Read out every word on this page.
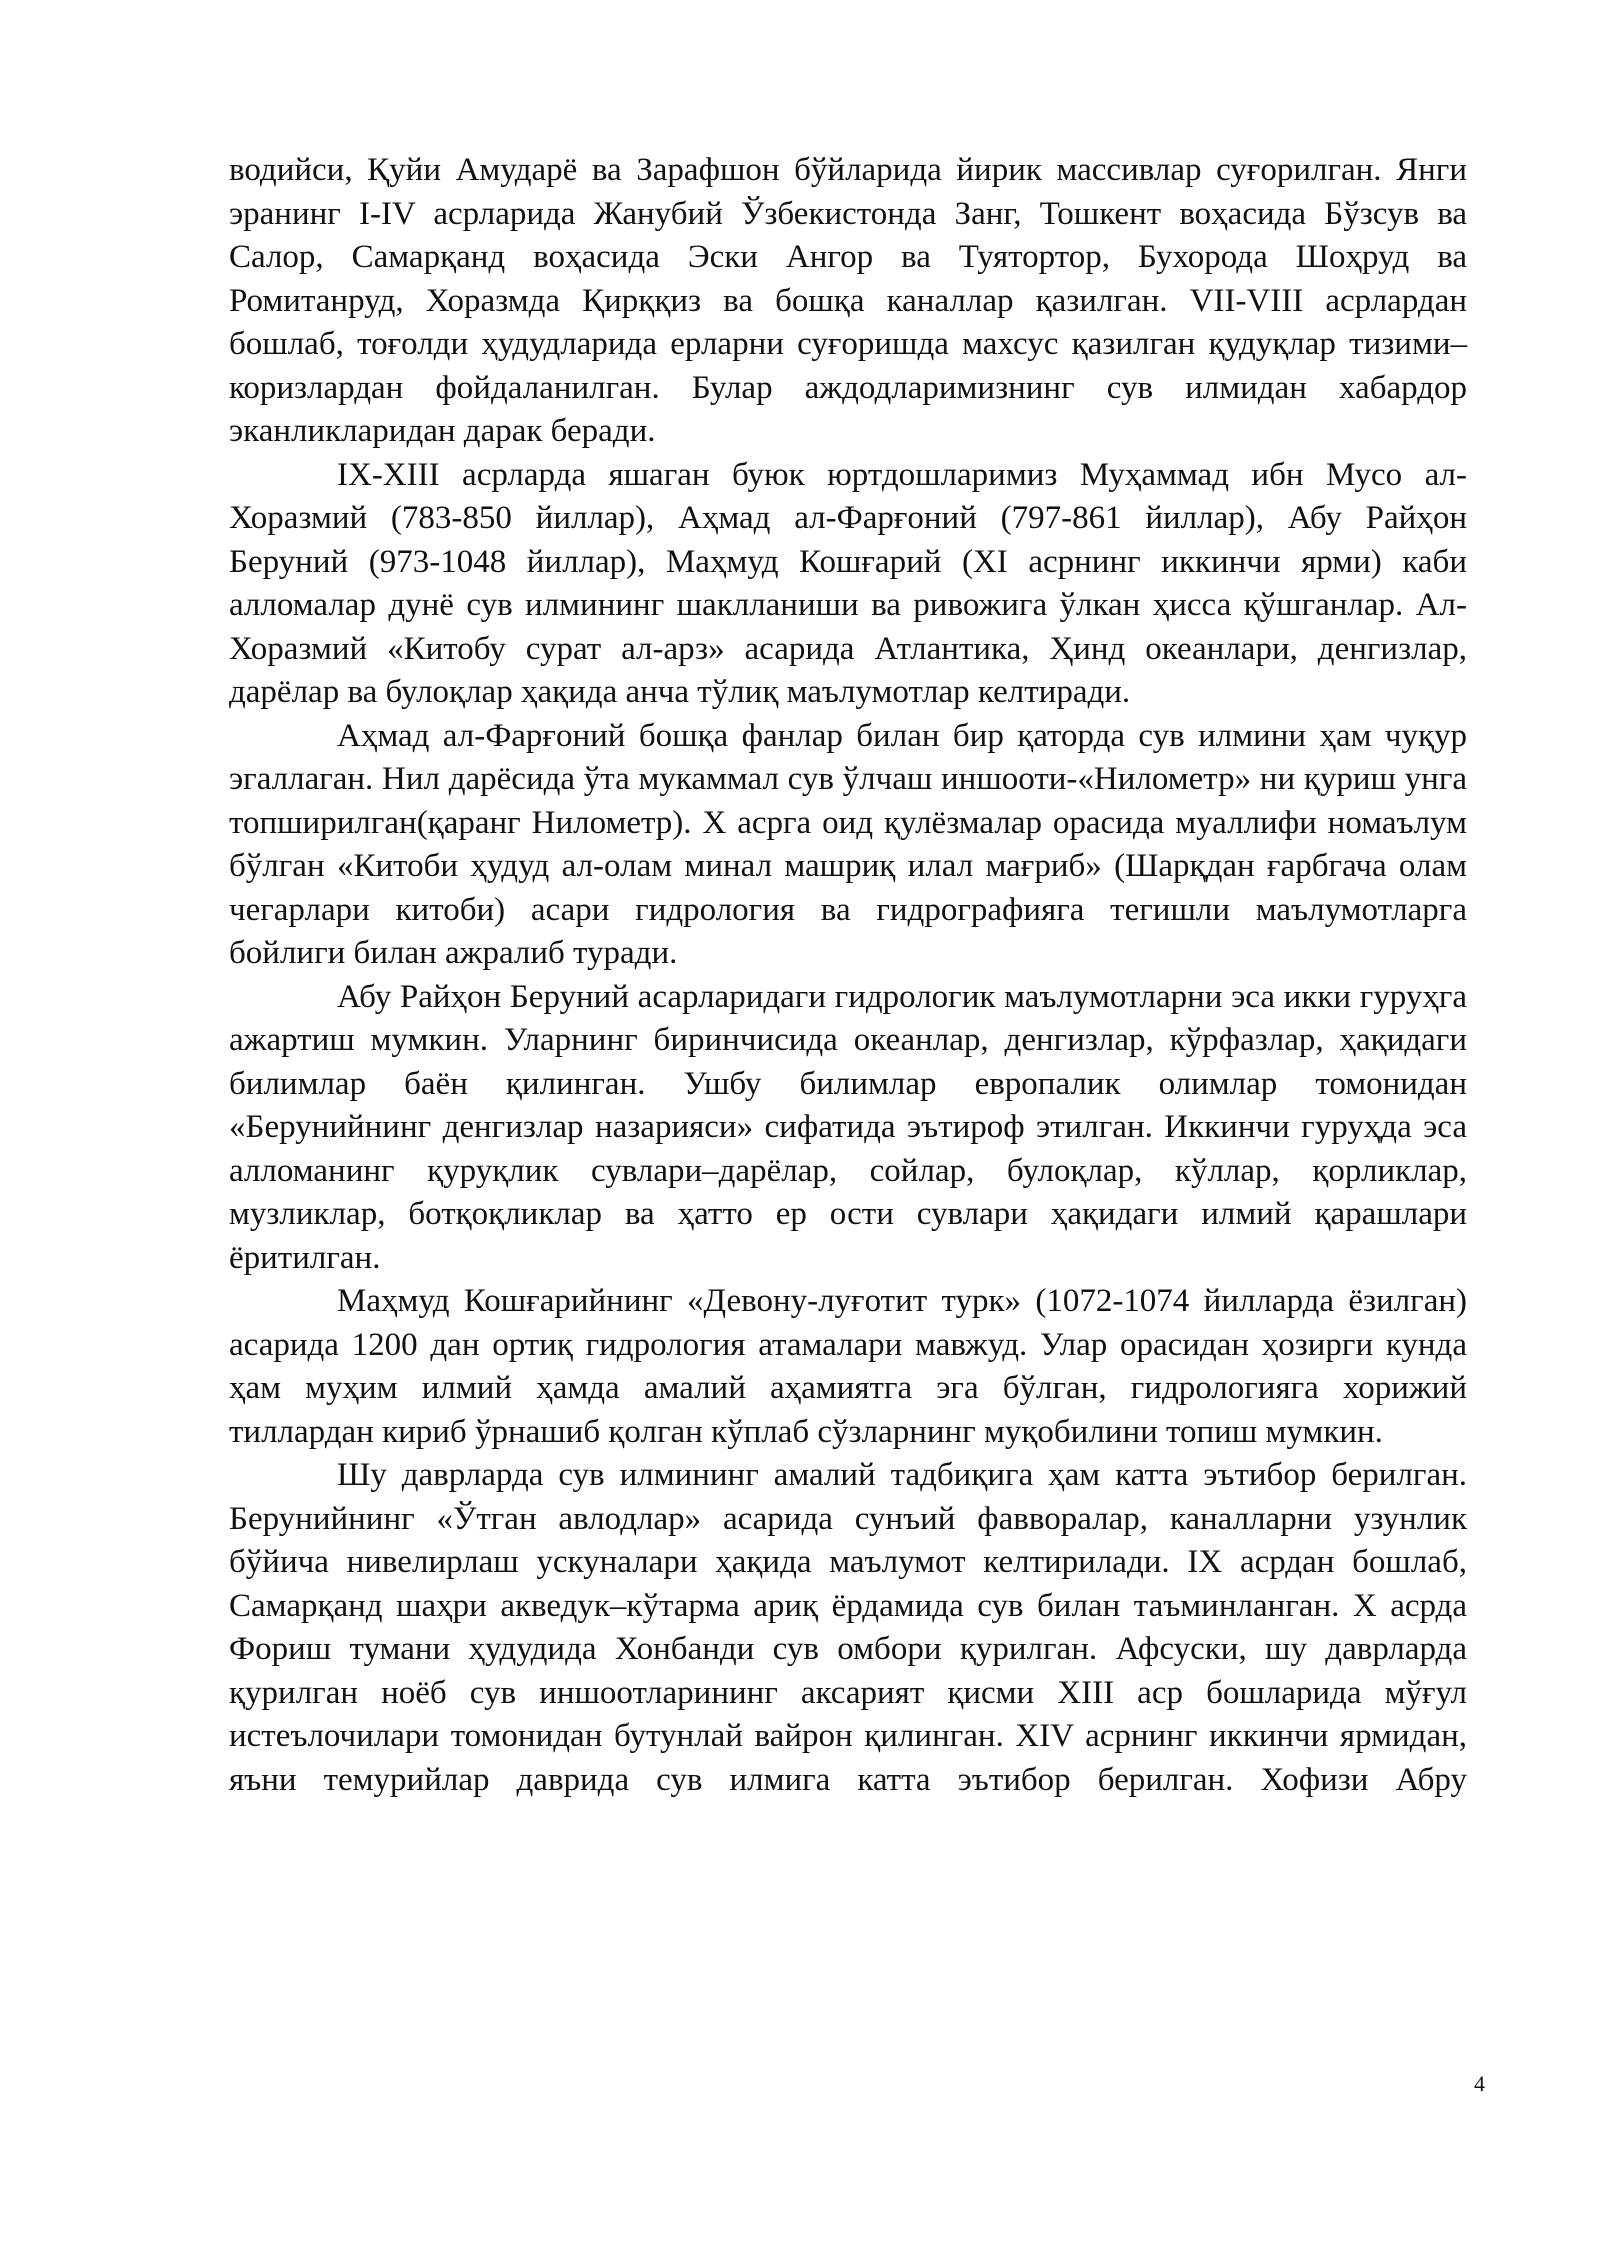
водийси, Қуйи Амударё ва Зарафшон бўйларида йирик массивлар суғорилган. Янги эранинг I-IV асрларида Жанубий Ўзбекистонда Занг, Тошкент воҳасида Бўзсув ва Салор, Самарқанд воҳасида Эски Ангор ва Туятортор, Бухорода Шоҳруд ва Ромитанруд, Хоразмда Қирққиз ва бошқа каналлар қазилган. VII-VIII асрлардан бошлаб, тоғолди ҳудудларида ерларни суғоришда махсус қазилган қудуқлар тизими–коризлардан фойдаланилган. Булар аждодларимизнинг сув илмидан хабардор эканликларидан дарак беради.

IX-XIII асрларда яшаган буюк юртдошларимиз Муҳаммад ибн Мусо ал-Хоразмий (783-850 йиллар), Аҳмад ал-Фарғоний (797-861 йиллар), Абу Райҳон Беруний (973-1048 йиллар), Маҳмуд Кошғарий (XI асрнинг иккинчи ярми) каби алломалар дунё сув илмининг шаклланиши ва ривожига ўлкан ҳисса қўшганлар. Ал-Хоразмий «Китобу сурат ал-арз» асарида Атлантика, Ҳинд океанлари, денгизлар, дарёлар ва булоқлар ҳақида анча тўлиқ маълумотлар келтиради.

Аҳмад ал-Фарғоний бошқа фанлар билан бир қаторда сув илмини ҳам чуқур эгаллаган. Нил дарёсида ўта мукаммал сув ўлчаш иншооти-«Нилометр» ни қуриш унга топширилган(қаранг Нилометр). X асрга оид қулёзмалар орасида муаллифи номаълум бўлган «Китоби ҳудуд ал-олам минал машриқ илал мағриб» (Шарқдан ғарбгача олам чегарлари китоби) асари гидрология ва гидрографияга тегишли маълумотларга бойлиги билан ажралиб туради.

Абу Райҳон Беруний асарларидаги гидрологик маълумотларни эса икки гуруҳга ажартиш мумкин. Уларнинг биринчисида океанлар, денгизлар, кўрфазлар, ҳақидаги билимлар баён қилинган. Ушбу билимлар европалик олимлар томонидан «Берунийнинг денгизлар назарияси» сифатида эътироф этилган. Иккинчи гуруҳда эса алломанинг қуруқлик сувлари–дарёлар, сойлар, булоқлар, кўллар, қорликлар, музликлар, ботқоқликлар ва ҳатто ер ости сувлари ҳақидаги илмий қарашлари ёритилган.

Маҳмуд Кошғарийнинг «Девону-луғотит турк» (1072-1074 йилларда ёзилган) асарида 1200 дан ортиқ гидрология атамалари мавжуд. Улар орасидан ҳозирги кунда ҳам муҳим илмий ҳамда амалий аҳамиятга эга бўлган, гидрологияга хорижий тиллардан кириб ўрнашиб қолган кўплаб сўзларнинг муқобилини топиш мумкин.

Шу даврларда сув илмининг амалий тадбиқига ҳам катта эътибор берилган. Берунийнинг «Ўтган авлодлар» асарида сунъий фавворалар, каналларни узунлик бўйича нивелирлаш ускуналари ҳақида маълумот келтирилади. IX асрдан бошлаб, Самарқанд шаҳри акведук–кўтарма ариқ ёрдамида сув билан таъминланган. X асрда Фориш тумани ҳудудида Хонбанди сув омбори қурилган. Афсуски, шу даврларда қурилган ноёб сув иншоотларининг аксарият қисми XIII аср бошларида мўғул истеълочилари томонидан бутунлай вайрон қилинган. XIV асрнинг иккинчи ярмидан, яъни темурийлар даврида сув илмига катта эътибор берилган. Хофизи Абру

4
